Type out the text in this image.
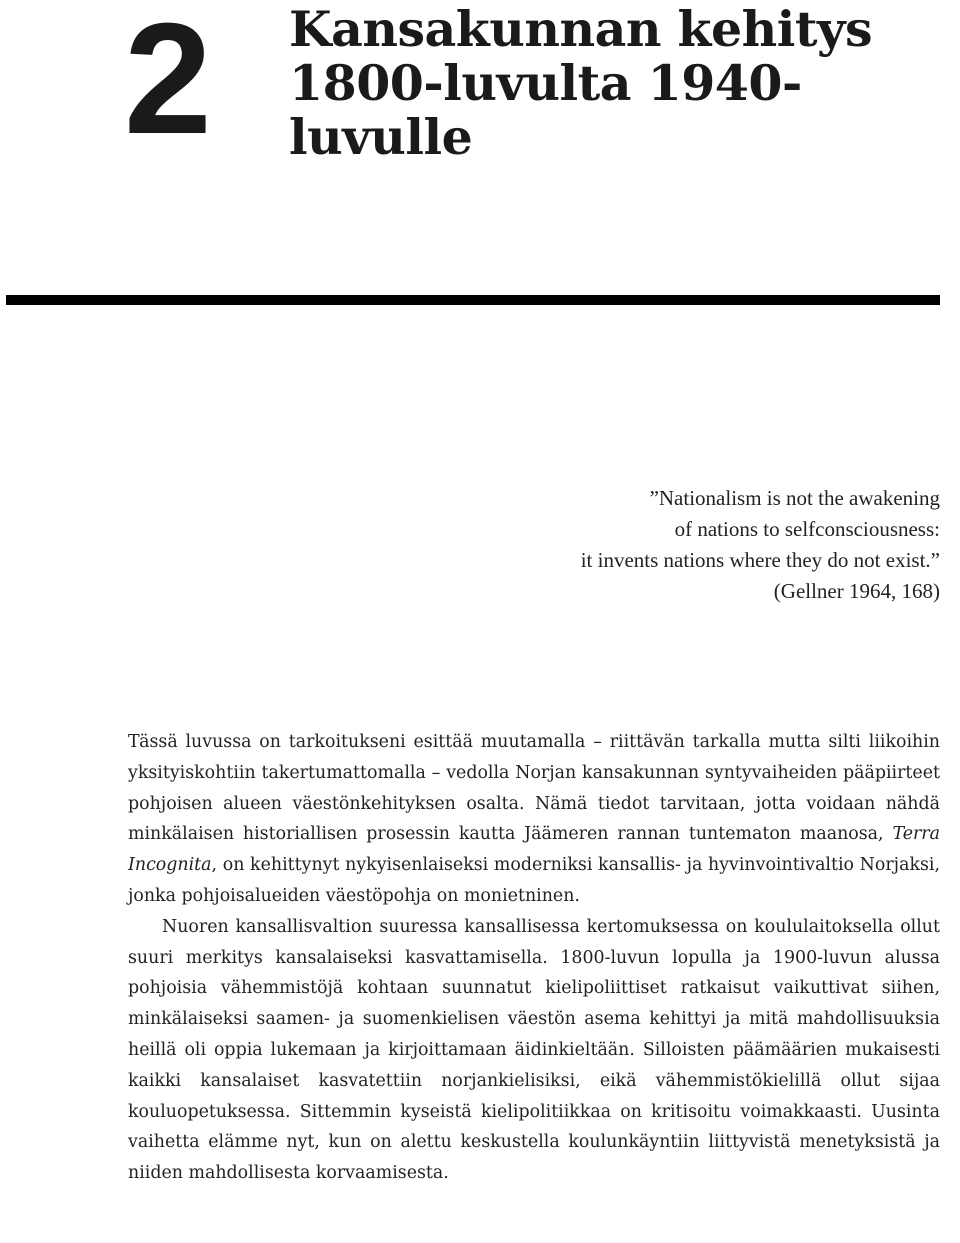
2 Kansakunnan kehitys
1800-luvulta 1940-luvulle
”Nationalism is not the awakening
of nations to selfconsciousness:
it invents nations where they do not exist.”
(Gellner 1964, 168)

Tässä luvussa on tarkoitukseni esittää muutamalla – riittävän tarkalla mutta silti liikoihin yksityiskohtiin takertumattomalla – vedolla Norjan kansakunnan syntyvaiheiden pääpiirteet pohjoisen alueen väestönkehityksen osalta. Nämä tiedot tarvitaan, jotta voidaan nähdä minkälaisen historiallisen prosessin kautta Jäämeren rannan tuntematon maanosa, Terra Incognita, on kehittynyt nykyisenlaiseksi moderniksi kansallis- ja hyvinvointivaltio Norjaksi, jonka pohjoisalueiden väestöpohja on monietninen.

Nuoren kansallisvaltion suuressa kansallisessa kertomuksessa on koululaitoksella ollut suuri merkitys kansalaiseksi kasvattamisella. 1800-luvun lopulla ja 1900-luvun alussa pohjoisia vähemmistöjä kohtaan suunnatut kielipoliittiset ratkaisut vaikuttivat siihen, minkälaiseksi saamen- ja suomenkielisen väestön asema kehittyi ja mitä mahdollisuuksia heillä oli oppia lukemaan ja kirjoittamaan äidinkieltään. Silloisten päämäärien mukaisesti kaikki kansalaiset kasvatettiin norjankielisiksi, eikä vähemmistökielillä ollut sijaa kouluopetuksessa. Sittemmin kyseistä kielipolitiikkaa on kritisoitu voimakkaasti. Uusinta vaihetta elämme nyt, kun on alettu keskustella koulunkäyntiin liittyvistä menetyksistä ja niiden mahdollisesta korvaamisesta.
